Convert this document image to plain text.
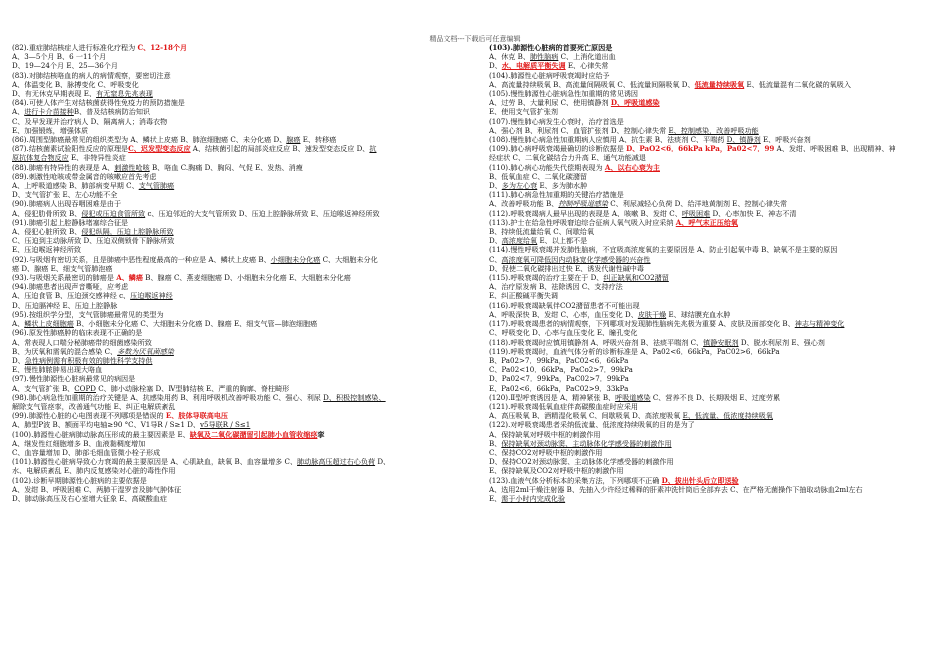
精品文档---下载后可任意编辑
(82).重症肺结核症人进行标准化疗程为 C、12-18个月
A、3—5个月 B、6 一11个月
D、19—24个月 E、25—36个月
(83).对肺结核咯血的病人的病情观察，要密切注意
A、体温变化 B、脉搏变化 C、呼吸变化
D、有无休克早期表现 E、有无窒息先兆表现
(84).可使人体产生对结核菌获得性免疫力的预防措施是
A、进行卡介苗接种B、普及结核病防治知识
C、及早发现并治疗病人 D、隔离病人；消毒衣物
E、加强锻炼，增强体质
(86).周围型肺癌最常见的组织类型为 A、鳞状上皮癌 B、肺泡细胞癌 C、未分化癌 D、腺癌 E、转移癌
(87).结核菌素试验阳性反应的原理是C、迟发型变态反应 A、结核菌引起的局部炎症反应 B、速发型变态反应 D、抗
原抗体复合物反应 E、非特异性炎症
(88).肺癌有特异性的表现是 A、刺激性呛咳 B、咯血 C.胸痛 D、胸闷、气促 E、发热、消瘦
(89).刺激性呛咳或带金属音的咳嗽应首先考虑
A、上呼吸道感染 B、肺部病变早期 C、支气管肺癌
D、支气管扩张 E、左心功能不全
(90).肺癌病人出现吞咽困难是由于
A、侵犯肋骨所致 B、侵犯或压迫食管所致 c、压迫邻近的大支气管所致 D、压迫上腔静脉所致 E、压迫喉返神经所致
(91).肺癌引起上腔静脉堵塞综合征是
A、侵犯心脏所致 B、侵犯纵隔，压迫上腔静脉所致
C、压迫到主动脉所致 D、压迫双侧锁骨下静脉所致
E、压迫喉返神经所致
(92).与吸烟有密切关系，且是肺癌中恶性程度最高的一种应是 A、鳞状上皮癌 B、小细胞未分化癌 C、大细胞未分化
癌 D、腺癌 E、细支气管肺泡癌
(93).与吸烟关系最密切的肺癌是 A、鳞癌 B、腺癌 C、燕麦细胞癌 D、小细胞未分化癌 E、大细胞未分化癌
(94).肺癌患者出现声音嘶哑，应考虑
A、压迫食管 B、压迫颈交感神经 c、压迫喉返神经
D、压迫膈神经 E、压迫上腔静脉
(95).按组织学分型，支气管肺癌最常见的类型为
A、鳞状上皮细胞癌 B、小细胞未分化癌 C、大细胞未分化癌 D、腺癌 E、细支气管—肺泡细胞癌
(96).原发性肺癌肿的临床表现不正确的是
A、常表现人口喘分秘肺癌带的细菌感染所致
B、为厌氧和需氧的混合感染 C、多数为厌氧菌感染
D、急性病例需有积极有效的肺性科学支持供
E、慢性肺脓肿易出现大咯血
(97).慢性肺源性心脏病最常见的病因是
A、支气管扩张 B、COPD C、肺小动脉栓塞 D、Ⅳ型肺结核 E、严重的胸廓、脊柱畸形
(98).肺心病急性加重期的治疗关键是 A、抗感染用药 B、利用呼吸机改善呼吸功能 C、强心、利尿 D、积极控制感染、
解除支气管痉挛，改善通气功能 E、纠正电解质紊乱
(99).肺源性心脏的心电图表现不列哪项是错误的 E、肢体导联高电压
A、肺型P波 B、额面平均电轴≥90 °C、V1导R / S≥1 D、v5导联R / S≤1
(100).肺源性心脏病肺动脉高压形成的最主要因素是 E、缺氧及二氧化碳潴留引起肺小血管收缩痉挛
A、继发性红细胞增多 B、血液黏稠度增加
C、血容量增加 D、肺部毛细血管微小栓子形成
(101).肺源性心脏病导致心力衰竭的最主要原因是 A、心肌缺血，缺氧 B、血容量增多 C、肺动脉高压超过右心负荷 D、
水、电解质紊乱 E、肺内反复感染对心脏的毒性作用
(102).诊断早期肺源性心脏病的主要依据是
A、发绀 B、呼吸困难 C、两肺干湿罗音及肺气肿体征
D、肺动脉高压及右心室增大征象 E、高碳酸血症
(103).肺源性心脏病的首要死亡原因是
A、休克 B、肺性脑病 C、上消化道出血
D、水、电解质平衡失调 E、心律失常
(104).肺源性心脏病呼吸衰竭时应给予
A、高流量持续吸氧 B、高流量间隔吸氧 C、低流量间隔吸氧 D、低流量持续吸氧 E、低流量混有二氧化碳的氧吸入
(105).慢性肺源性心脏病急性加重期的常见诱因
A、过劳 B、大量利尿 C、使用镇静剂 D、呼吸道感染
E、使用支气管扩张剂
(107).慢性肺心病发生心衰时，治疗首选是
A、强心剂 B、利尿剂 C、血管扩张剂 D、控制心律失常 E、控制感染，改善呼吸功能
(108).慢性肺心病急性加重期病人应慎用 A、抗生素 B、祛痰剂 C、平喘药 D、镇静剂 E、呼吸兴奋剂
(109).肺心病呼吸衰竭最确切的诊断依据是 D、PaO2<6．66kPa kPa，Pa02<7．99 A、发绀、呼吸困难 B、出现精神、神
经症状 C、二氧化碳结合力升高 E、通气功能减退
(110).肺心病心功能失代偿期表现为 A、以右心衰为主
B、低氧血症 C、二氧化碳潴留
D、多为左心衰 E、多为肺水肿
(111).肺心病急性加重期的关键治疗措施是
A、改善呼吸功能 B、控制呼吸道感染 C、利尿减轻心负荷 D、给洋地黄制剂 E、控制心律失常
(112).呼吸衰竭病人最早出现的表现是 A、咳嗽 B、发绀 C、呼吸困难 D、心率加快 E、神志不清
(113).护士在给急性呼吸窘迫综合征病人氧气吸入时应采纳 A、呼气末正压给氧
B、持续低流量给氧 C、间歇给氧
D、高浓度给氧 E、以上都不是
(114).慢性呼吸衰竭并发肺性脑病，不宜吸高浓度氧的主要原因是 A、防止引起氧中毒 B、缺氧不是主要的原因
C、高浓度氧可降低因内动脉宽化学感受器的兴奋性
D、促使二氧化碳排出过快 E、诱发代谢性碱中毒
(115).呼吸衰竭的治疗主要在于 D、纠正缺氧和CO2潴留
A、治疗原发病 B、祛除诱因 C、支持疗法
E、纠正酸碱平衡失调
(116).呼吸衰竭缺氧伴CO2潴留患者不可能出现
A、呼吸深快 B、发绀 C、心率，血压变化 D、皮肤干燥 E、球结膜充血水肿
(117).呼吸衰竭患者的病情观察，下列哪项对发现肺性脑病先兆极为重要 A、皮肤及面部变化 B、神志与精神变化
C、呼吸变化 D、心率与血压变化 E、瞳孔变化
(118).呼吸衰竭时应慎用镇静剂 A、呼吸兴奋剂 B、祛痰平喘剂 C、镇静安眠剂 D、脱水利尿剂 E、强心剂
(119).呼吸衰竭时，血液气体分析的诊断标准是 A、Pa02<6．66kPa，PaC02>6．66kPa
B、Pa02>7．99kPa，PaC02<6．66kPa
C、Pa02<10．66kPa，PaCo2>7．99kPa
D、Pa02<7．99kPa，PaC02>7．99kPa
E、Pa02<6．66kPa，PaC02>9．33kPa
(120).Ⅱ型呼衰诱因是 A、精神紧张 B、呼吸道感染 C、营养不良 D、长期吸烟 E、过度劳累
(121).呼吸衰竭低氧血症伴高碳酸血症时应采用
A、高压吸氧 B、酒精湿化吸氧 C、间歇吸氧 D、高浓度吸氧 E、低流量、低浓度持续吸氧
(122).对呼吸衰竭患者采纳低流量、低浓度持续吸氧的目的是为了
A、保持缺氧对呼吸中枢的刺激作用
B、保持缺氧对颈动脉窦、主动脉体化学感受器的刺激作用
C、保持CO2对呼吸中枢的刺激作用
D、保持CO2对颈动脉窦、主动脉体化学感受器的刺激作用
E、保持缺氧及CO2对呼吸中枢的刺激作用
(123).血液气体分析标本的采集方法，下列哪项不正确 D、拔出针头后立即送验
A、选用2ml干燥注射器 B、先抽入少许经过稀释的肝素冲洗针筒后全部弃去 C、在严格无菌操作下抽取动脉血2ml左右
E、需于小时内完成化验
